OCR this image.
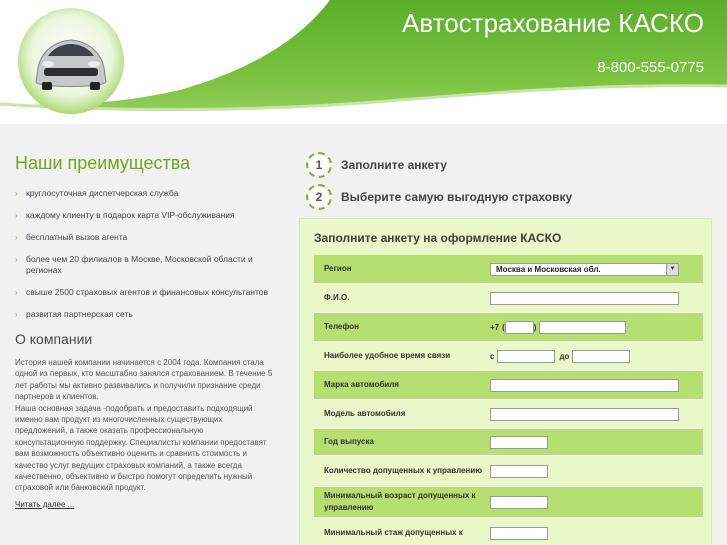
Автострахование КАСКО
8-800-555-0775
Наши преимущества
› круглосуточная диспетчерская служба
› каждому клиенту в подарок карта VIP-обслуживания
› бесплатный вызов агента
› более чем 20 филиалов в Москве, Московской области и регионах
› свыше 2500 страховых агентов и финансовых консультантов
› развитая партнерская сеть
О компании
История нашей компании начинается с 2004 года. Компания стала одной из первых, кто масштабно занялся страхованием. В течение 5 лет работы мы активно развивались и получили признание среди партнеров и клиентов.
Наша основная задача -подобрать и предоставить подходящий именно вам продукт из многочисленных существующих предложений, а также оказать профессиональную консультационную поддержку. Специалисты компании предоставят вам возможность объективно оценить и сравнить стоимость и качество услуг ведущих страховых компаний, а также всегда качественно, объективно и быстро помогут определить нужный страховой или банковский продукт.
Читать далее ...
1	Заполните анкету
2	Выберите самую выгодную страховку
Заполните анкету на оформление КАСКО
Регион	Москва и Московская обл.	▼
Ф.И.О.
Телефон	+7 (	)
Наиболее удобное время связи	с	до
Марка автомобиля
Модель автомобиля
Год выпуска
Количество допущенных к управлению
Минимальный возраст допущенных к управлению
Минимальный стаж допущенных к
